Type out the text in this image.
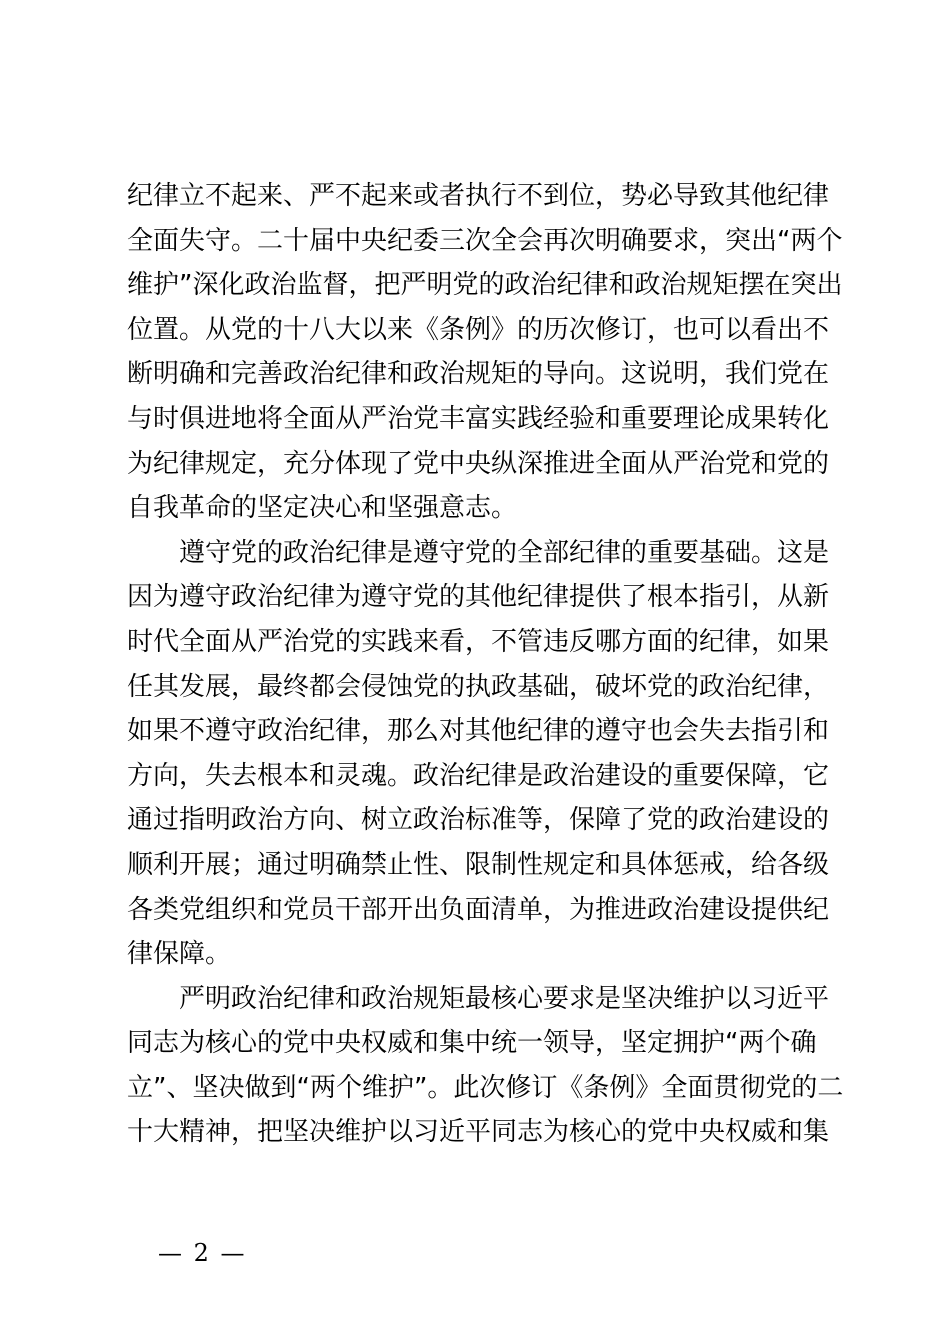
纪律立不起来、严不起来或者执行不到位，势必导致其他纪律
全面失守。二十届中央纪委三次全会再次明确要求，突出“两个
维护”深化政治监督，把严明党的政治纪律和政治规矩摆在突出
位置。从党的十八大以来《条例》的历次修订，也可以看出不
断明确和完善政治纪律和政治规矩的导向。这说明，我们党在
与时俱进地将全面从严治党丰富实践经验和重要理论成果转化
为纪律规定，充分体现了党中央纵深推进全面从严治党和党的
自我革命的坚定决心和坚强意志。
遵守党的政治纪律是遵守党的全部纪律的重要基础。这是
因为遵守政治纪律为遵守党的其他纪律提供了根本指引，从新
时代全面从严治党的实践来看，不管违反哪方面的纪律，如果
任其发展，最终都会侵蚀党的执政基础，破坏党的政治纪律，
如果不遵守政治纪律，那么对其他纪律的遵守也会失去指引和
方向，失去根本和灵魂。政治纪律是政治建设的重要保障，它
通过指明政治方向、树立政治标准等，保障了党的政治建设的
顺利开展；通过明确禁止性、限制性规定和具体惩戒，给各级
各类党组织和党员干部开出负面清单，为推进政治建设提供纪
律保障。
严明政治纪律和政治规矩最核心要求是坚决维护以习近平
同志为核心的党中央权威和集中统一领导，坚定拥护“两个确
立”、坚决做到“两个维护”。此次修订《条例》全面贯彻党的二
十大精神，把坚决维护以习近平同志为核心的党中央权威和集
— 2 —
